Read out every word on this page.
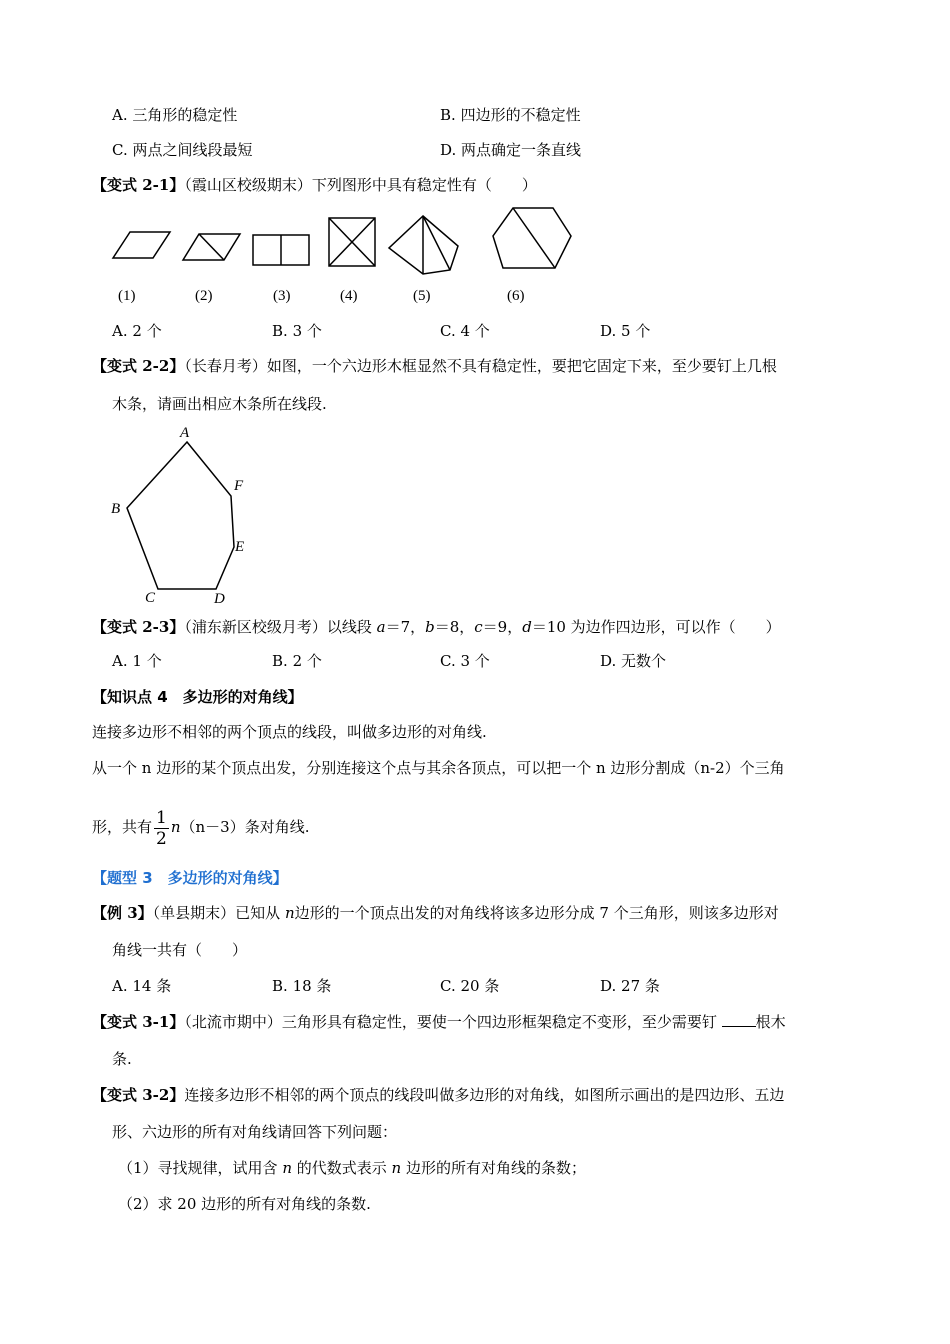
A. 三角形的稳定性	B. 四边形的不稳定性
C. 两点之间线段最短	D. 两点确定一条直线
【变式 2-1】（霞山区校级期末）下列图形中具有稳定性有（　　）
(1)	(2)	(3)	(4)	(5)	(6)
A. 2 个	B. 3 个	C. 4 个	D. 5 个
【变式 2-2】（长春月考）如图，一个六边形木框显然不具有稳定性，要把它固定下来，至少要钉上几根
木条，请画出相应木条所在线段.
A
B
C	D
E
F
【变式 2-3】（浦东新区校级月考）以线段 a＝7，b＝8，c＝9，d＝10 为边作四边形，可以作（　　）
A. 1 个	B. 2 个	C. 3 个	D. 无数个
【知识点 4　多边形的对角线】
连接多边形不相邻的两个顶点的线段，叫做多边形的对角线.
从一个 n 边形的某个顶点出发，分别连接这个点与其余各顶点，可以把一个 n 边形分割成（n-2）个三角
形，共有 $\frac{1}{2} n(n-3)$条对角线.
【题型 3　多边形的对角线】
【例 3】（单县期末）已知从 n边形的一个顶点出发的对角线将该多边形分成 7 个三角形，则该多边形对
角线一共有（　　）
A. 14 条	B. 18 条	C. 20 条	D. 27 条
【变式 3-1】（北流市期中）三角形具有稳定性，要使一个四边形框架稳定不变形，至少需要钉 根木
条.
【变式 3-2】连接多边形不相邻的两个顶点的线段叫做多边形的对角线，如图所示画出的是四边形、五边
形、六边形的所有对角线请回答下列问题：
（1）寻找规律，试用含 n 的代数式表示 n 边形的所有对角线的条数；
（2）求 20 边形的所有对角线的条数.
